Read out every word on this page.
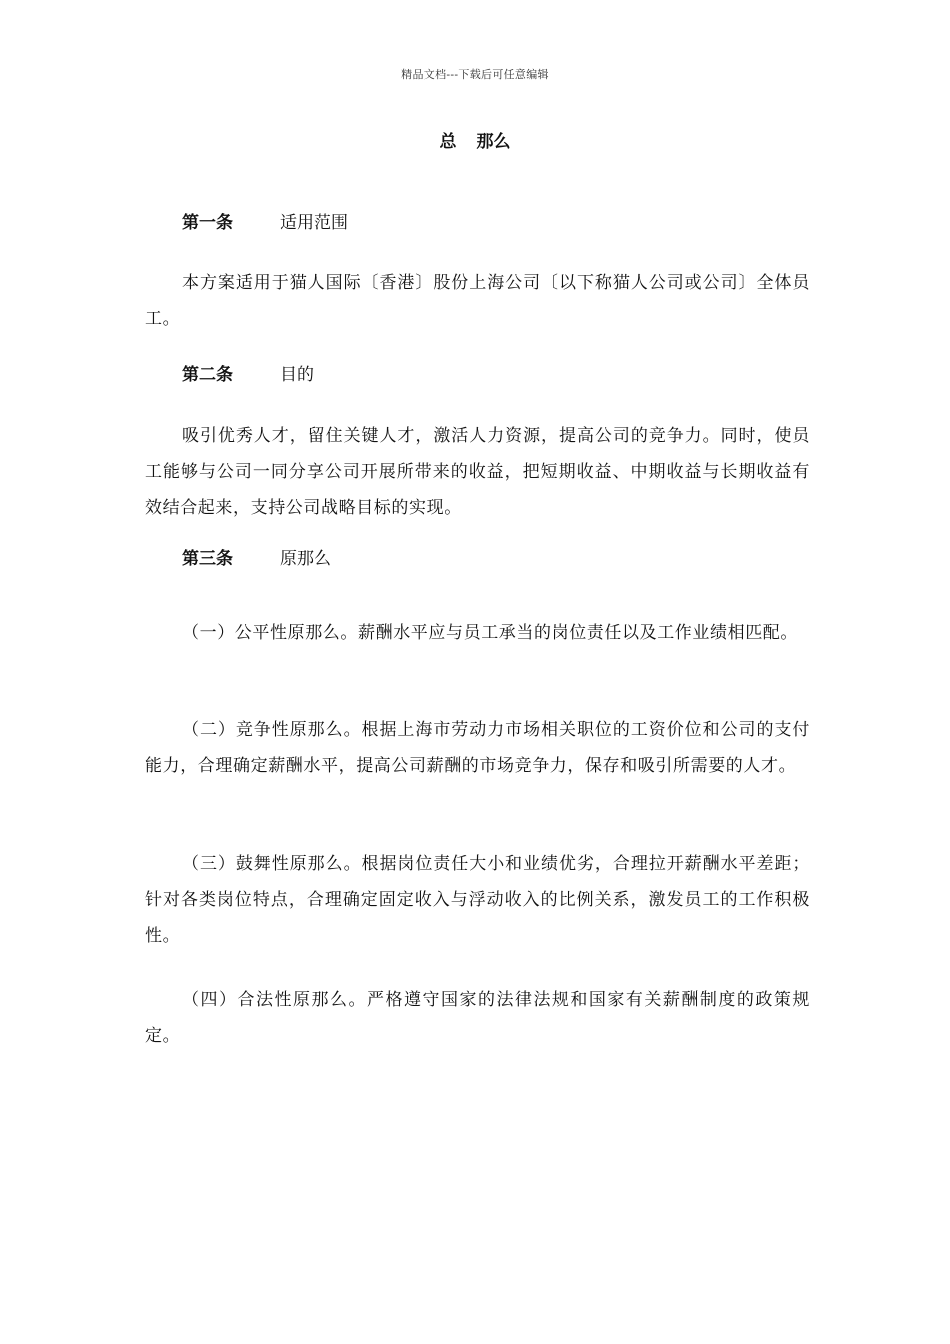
精品文档---下载后可任意编辑
总 那么
第一条	适用范围
本方案适用于猫人国际〔香港〕股份上海公司〔以下称猫人公司或公司〕全体员工。
第二条	目的
吸引优秀人才，留住关键人才，激活人力资源，提高公司的竞争力。同时，使员工能够与公司一同分享公司开展所带来的收益，把短期收益、中期收益与长期收益有效结合起来，支持公司战略目标的实现。
第三条	原那么
（一）公平性原那么。薪酬水平应与员工承当的岗位责任以及工作业绩相匹配。
（二）竞争性原那么。根据上海市劳动力市场相关职位的工资价位和公司的支付能力，合理确定薪酬水平，提高公司薪酬的市场竞争力，保存和吸引所需要的人才。
（三）鼓舞性原那么。根据岗位责任大小和业绩优劣，合理拉开薪酬水平差距；针对各类岗位特点，合理确定固定收入与浮动收入的比例关系，激发员工的工作积极性。
（四）合法性原那么。严格遵守国家的法律法规和国家有关薪酬制度的政策规定。
